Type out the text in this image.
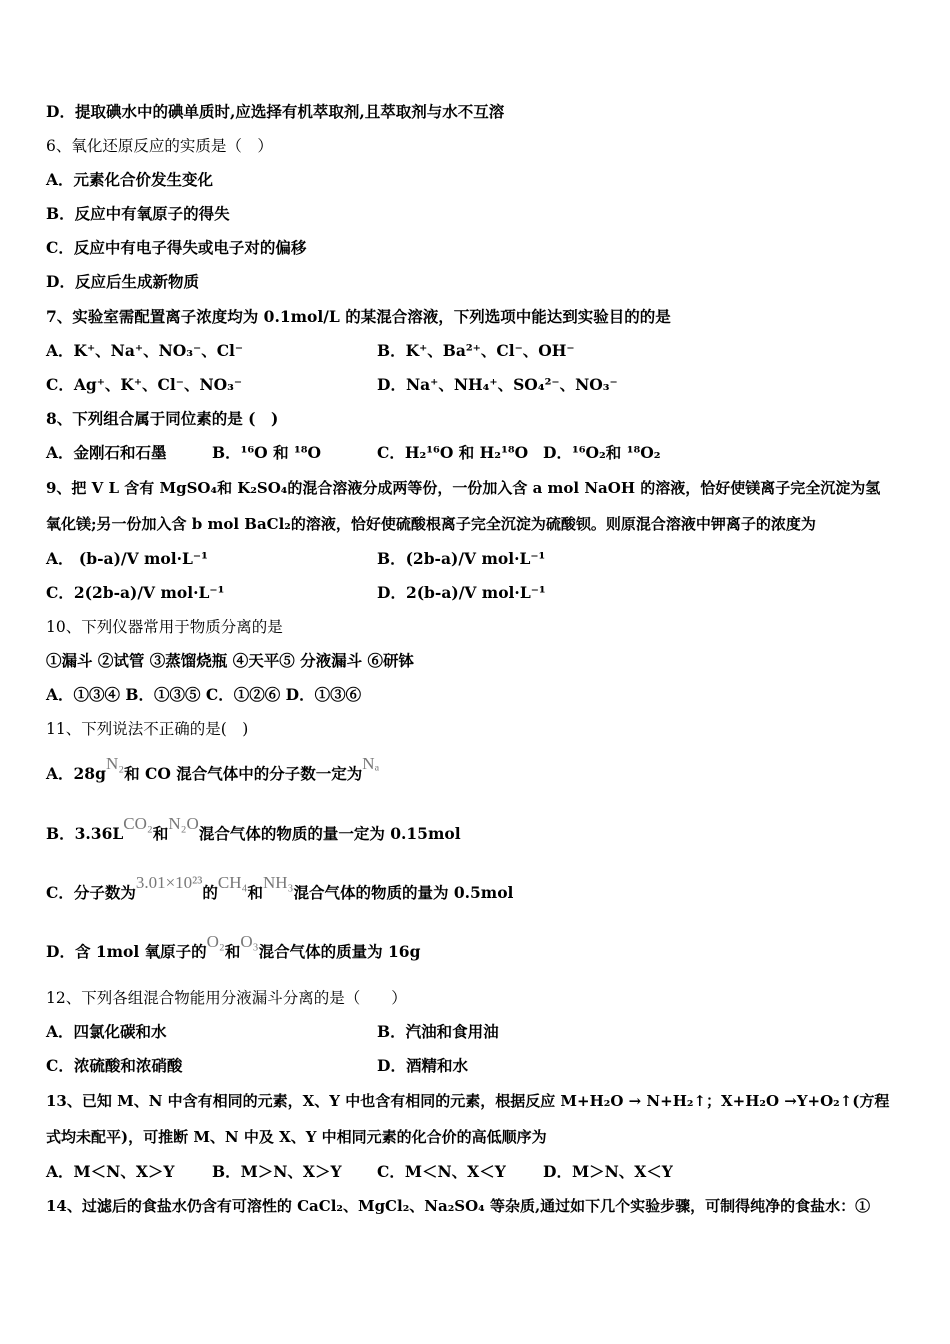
D．提取碘水中的碘单质时,应选择有机萃取剂,且萃取剂与水不互溶
6、氧化还原反应的实质是（　）
A．元素化合价发生变化
B．反应中有氧原子的得失
C．反应中有电子得失或电子对的偏移
D．反应后生成新物质
7、实验室需配置离子浓度均为 0.1mol/L 的某混合溶液，下列选项中能达到实验目的的是
A．K⁺、Na⁺、NO₃⁻、Cl⁻	B．K⁺、Ba²⁺、Cl⁻、OH⁻
C．Ag⁺、K⁺、Cl⁻、NO₃⁻	D．Na⁺、NH₄⁺、SO₄²⁻、NO₃⁻
8、下列组合属于同位素的是 (　)
A．金刚石和石墨	B．¹⁶O 和 ¹⁸O	C．H₂¹⁶O 和 H₂¹⁸O D．¹⁶O₂和 ¹⁸O₂
9、把 V L 含有 MgSO₄和 K₂SO₄的混合溶液分成两等份，一份加入含 a mol NaOH 的溶液，恰好使镁离子完全沉淀为氢
氧化镁;另一份加入含 b mol BaCl₂的溶液，恰好使硫酸根离子完全沉淀为硫酸钡。则原混合溶液中钾离子的浓度为
A． (b-a)/V mol·L⁻¹	B．(2b-a)/V mol·L⁻¹
C．2(2b-a)/V mol·L⁻¹	D．2(b-a)/V mol·L⁻¹
10、下列仪器常用于物质分离的是
①漏斗 ②试管 ③蒸馏烧瓶 ④天平⑤ 分液漏斗 ⑥研钵
A．①③④ B．①③⑤ C．①②⑥ D．①③⑥
11、下列说法不正确的是(　)
A．28gN₂和 CO 混合气体中的分子数一定为Nₐ
B．3.36LCO₂和N₂O混合气体的物质的量一定为 0.15mol
C．分子数为3.01×10²³的CH₄和NH₃混合气体的物质的量为 0.5mol
D．含 1mol 氧原子的O₂和O₃混合气体的质量为 16g
12、下列各组混合物能用分液漏斗分离的是（　　）
A．四氯化碳和水	B．汽油和食用油
C．浓硫酸和浓硝酸	D．酒精和水
13、已知 M、N 中含有相同的元素，X、Y 中也含有相同的元素，根据反应 M+H₂O → N+H₂↑；X+H₂O →Y+O₂↑(方程
式均未配平)，可推断 M、N 中及 X、Y 中相同元素的化合价的高低顺序为
A．M＜N、X＞Y B．M＞N、X＞Y C．M＜N、X＜Y D．M＞N、X＜Y
14、过滤后的食盐水仍含有可溶性的 CaCl₂、MgCl₂、Na₂SO₄ 等杂质,通过如下几个实验步骤，可制得纯净的食盐水：①
